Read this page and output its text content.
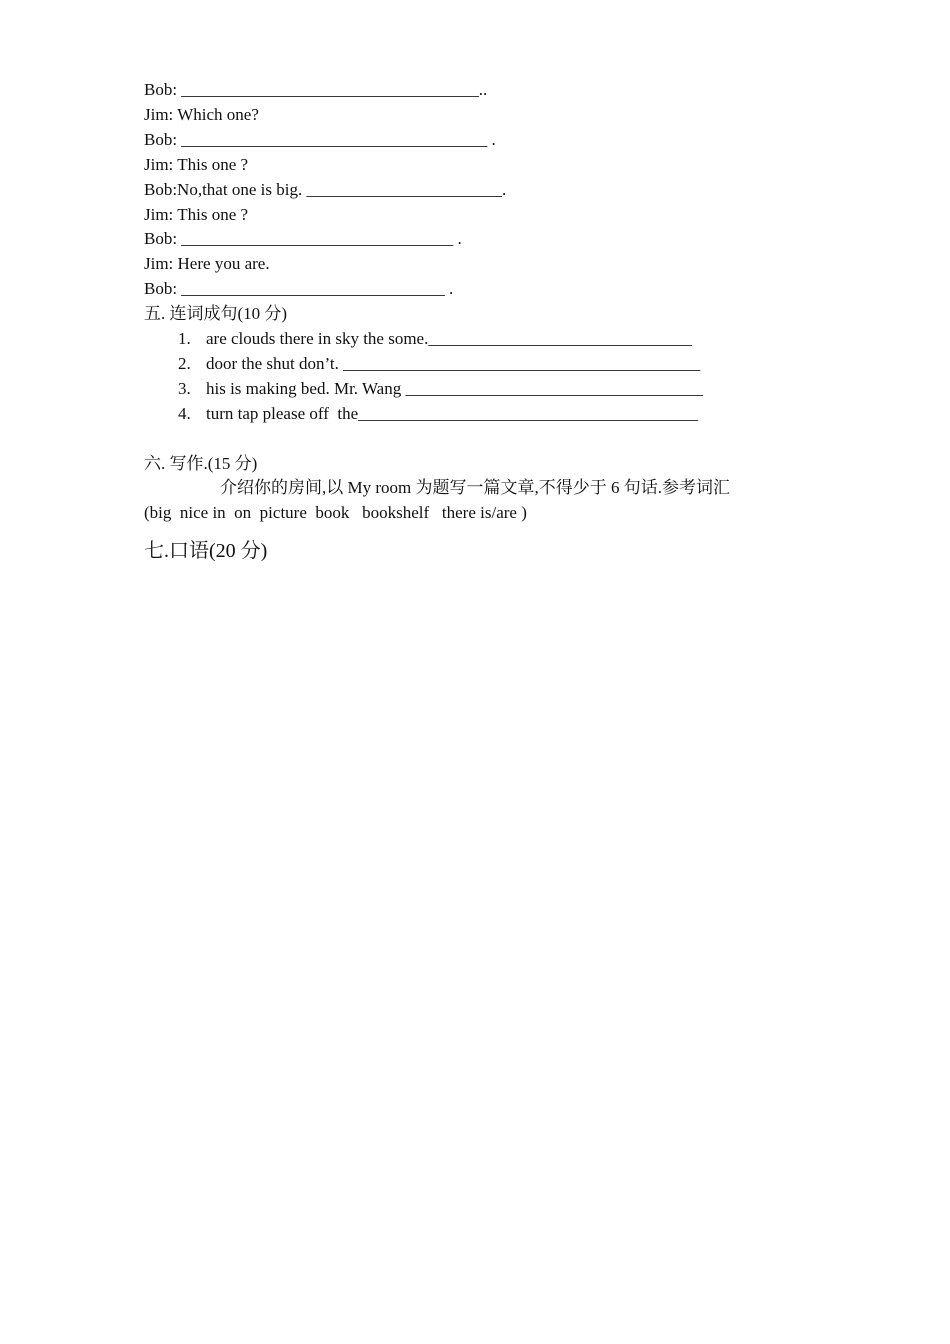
Bob: ___________________________________..
Jim: Which one?
Bob: ____________________________________ .
Jim: This one ?
Bob:No,that one is big. _______________________.
Jim: This one ?
Bob: ________________________________ .
Jim: Here you are.
Bob: _______________________________ .
五. 连词成句(10 分)
1. are clouds there in sky the some._______________________________
2. door the shut don’t. __________________________________________
3. his is making bed. Mr. Wang ___________________________________
4. turn tap please off  the________________________________________
六. 写作.(15 分)
介绍你的房间,以 My room 为题写一篇文章,不得少于 6 句话.参考词汇
(big  nice in  on  picture  book   bookshelf   there is/are )
七.口语(20 分)
